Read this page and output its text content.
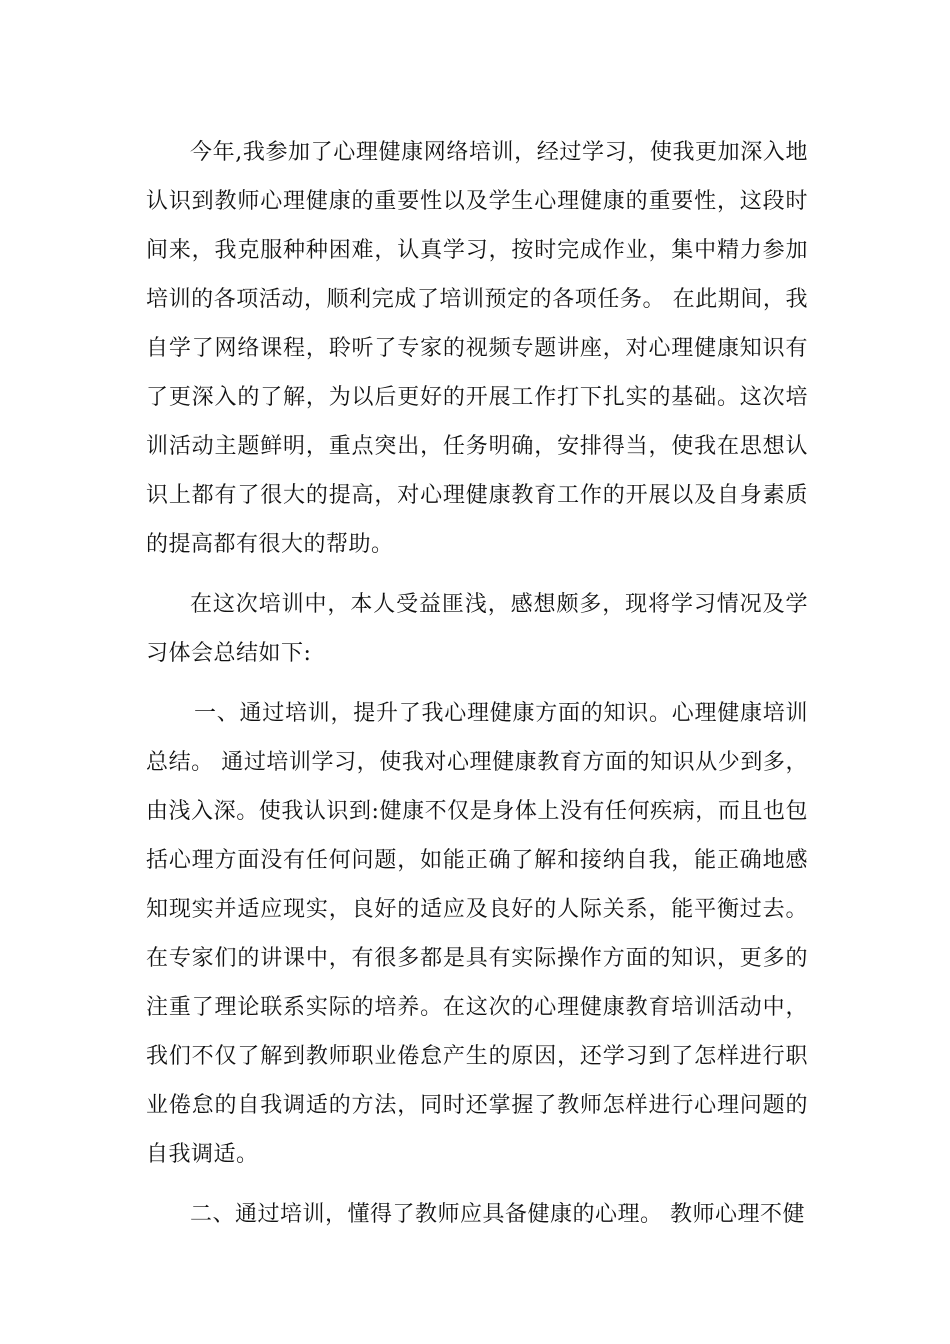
今年,我参加了心理健康网络培训，经过学习，使我更加深入地认识到教师心理健康的重要性以及学生心理健康的重要性，这段时间来，我克服种种困难，认真学习，按时完成作业，集中精力参加培训的各项活动，顺利完成了培训预定的各项任务。 在此期间，我自学了网络课程，聆听了专家的视频专题讲座，对心理健康知识有了更深入的了解，为以后更好的开展工作打下扎实的基础。这次培训活动主题鲜明，重点突出，任务明确，安排得当，使我在思想认识上都有了很大的提高，对心理健康教育工作的开展以及自身素质的提高都有很大的帮助。

在这次培训中，本人受益匪浅，感想颇多，现将学习情况及学习体会总结如下:

一、通过培训，提升了我心理健康方面的知识。心理健康培训总结。 通过培训学习，使我对心理健康教育方面的知识从少到多，由浅入深。使我认识到:健康不仅是身体上没有任何疾病，而且也包括心理方面没有任何问题，如能正确了解和接纳自我，能正确地感知现实并适应现实，良好的适应及良好的人际关系，能平衡过去。在专家们的讲课中，有很多都是具有实际操作方面的知识，更多的注重了理论联系实际的培养。在这次的心理健康教育培训活动中，我们不仅了解到教师职业倦怠产生的原因，还学习到了怎样进行职业倦怠的自我调适的方法，同时还掌握了教师怎样进行心理问题的自我调适。

二、通过培训，懂得了教师应具备健康的心理。 教师心理不健
